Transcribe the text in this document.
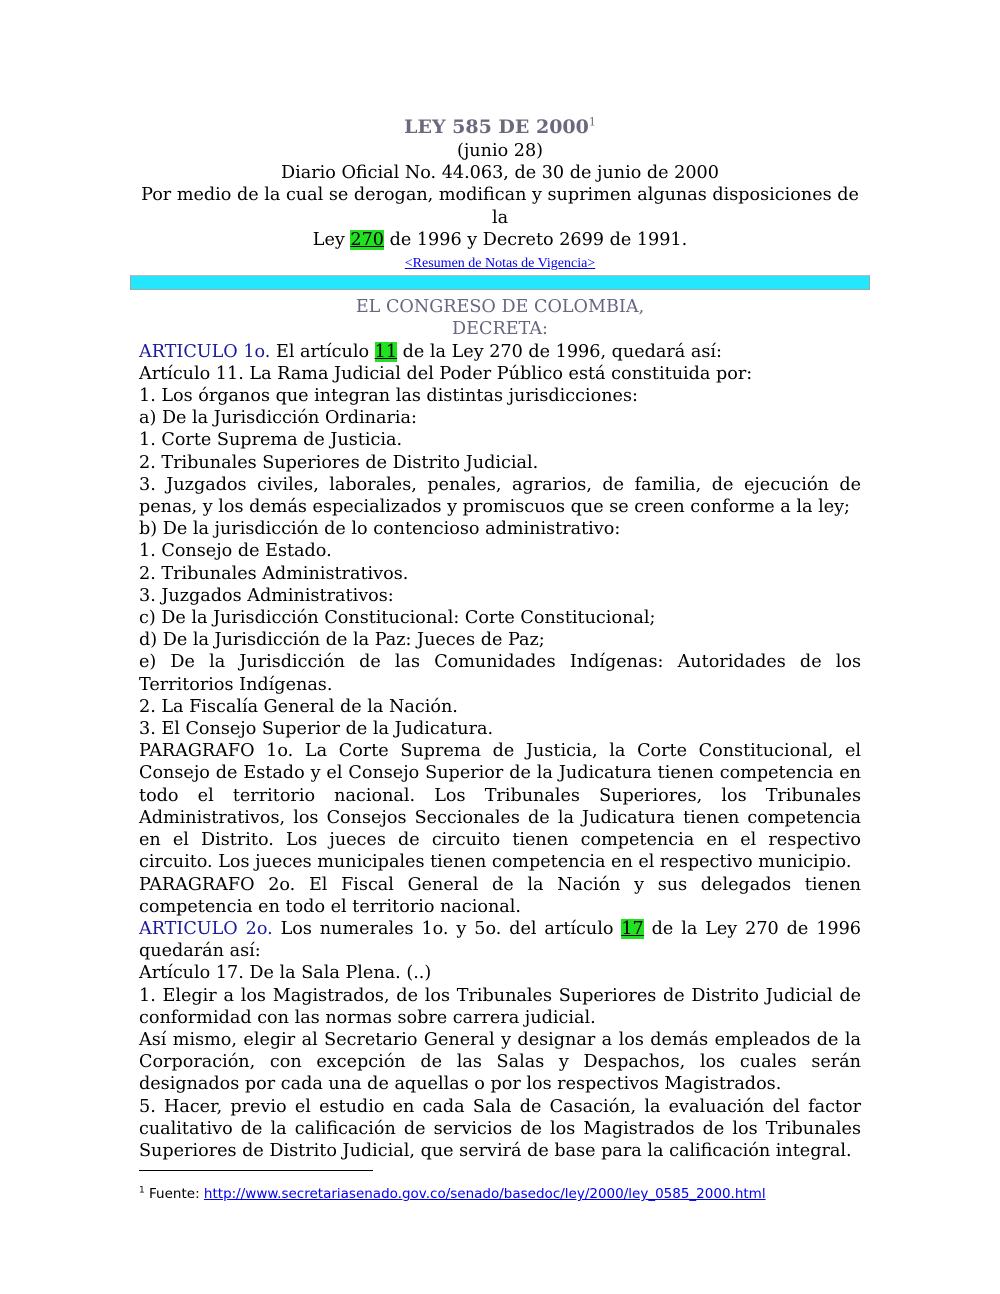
LEY 585 DE 2000$^1$
(junio 28)
Diario Oficial No. 44.063, de 30 de junio de 2000
Por medio de la cual se derogan, modifican y suprimen algunas disposiciones de la
Ley 270 de 1996 y Decreto 2699 de 1991.
<Resumen de Notas de Vigencia>
EL CONGRESO DE COLOMBIA,
DECRETA:

ARTICULO 1o. El artículo 11 de la Ley 270 de 1996, quedará así:

Artículo 11. La Rama Judicial del Poder Público está constituida por:

1. Los órganos que integran las distintas jurisdicciones:

a) De la Jurisdicción Ordinaria:

1. Corte Suprema de Justicia.

2. Tribunales Superiores de Distrito Judicial.

3. Juzgados civiles, laborales, penales, agrarios, de familia, de ejecución de penas, y los demás especializados y promiscuos que se creen conforme a la ley;

b) De la jurisdicción de lo contencioso administrativo:

1. Consejo de Estado.

2. Tribunales Administrativos.

3. Juzgados Administrativos:

c) De la Jurisdicción Constitucional: Corte Constitucional;

d) De la Jurisdicción de la Paz: Jueces de Paz;

e) De la Jurisdicción de las Comunidades Indígenas: Autoridades de los Territorios Indígenas.

2. La Fiscalía General de la Nación.

3. El Consejo Superior de la Judicatura.

PARAGRAFO 1o. La Corte Suprema de Justicia, la Corte Constitucional, el Consejo de Estado y el Consejo Superior de la Judicatura tienen competencia en todo el territorio nacional. Los Tribunales Superiores, los Tribunales Administrativos, los Consejos Seccionales de la Judicatura tienen competencia en el Distrito. Los jueces de circuito tienen competencia en el respectivo circuito. Los jueces municipales tienen competencia en el respectivo municipio.

PARAGRAFO 2o. El Fiscal General de la Nación y sus delegados tienen competencia en todo el territorio nacional.

ARTICULO 2o. Los numerales 1o. y 5o. del artículo 17 de la Ley 270 de 1996 quedarán así:

Artículo 17. De la Sala Plena. (..)

1. Elegir a los Magistrados, de los Tribunales Superiores de Distrito Judicial de conformidad con las normas sobre carrera judicial.

Así mismo, elegir al Secretario General y designar a los demás empleados de la Corporación, con excepción de las Salas y Despachos, los cuales serán designados por cada una de aquellas o por los respectivos Magistrados.

5. Hacer, previo el estudio en cada Sala de Casación, la evaluación del factor cualitativo de la calificación de servicios de los Magistrados de los Tribunales Superiores de Distrito Judicial, que servirá de base para la calificación integral.

$^1$ Fuente: http://www.secretariasenado.gov.co/senado/basedoc/ley/2000/ley_0585_2000.html
